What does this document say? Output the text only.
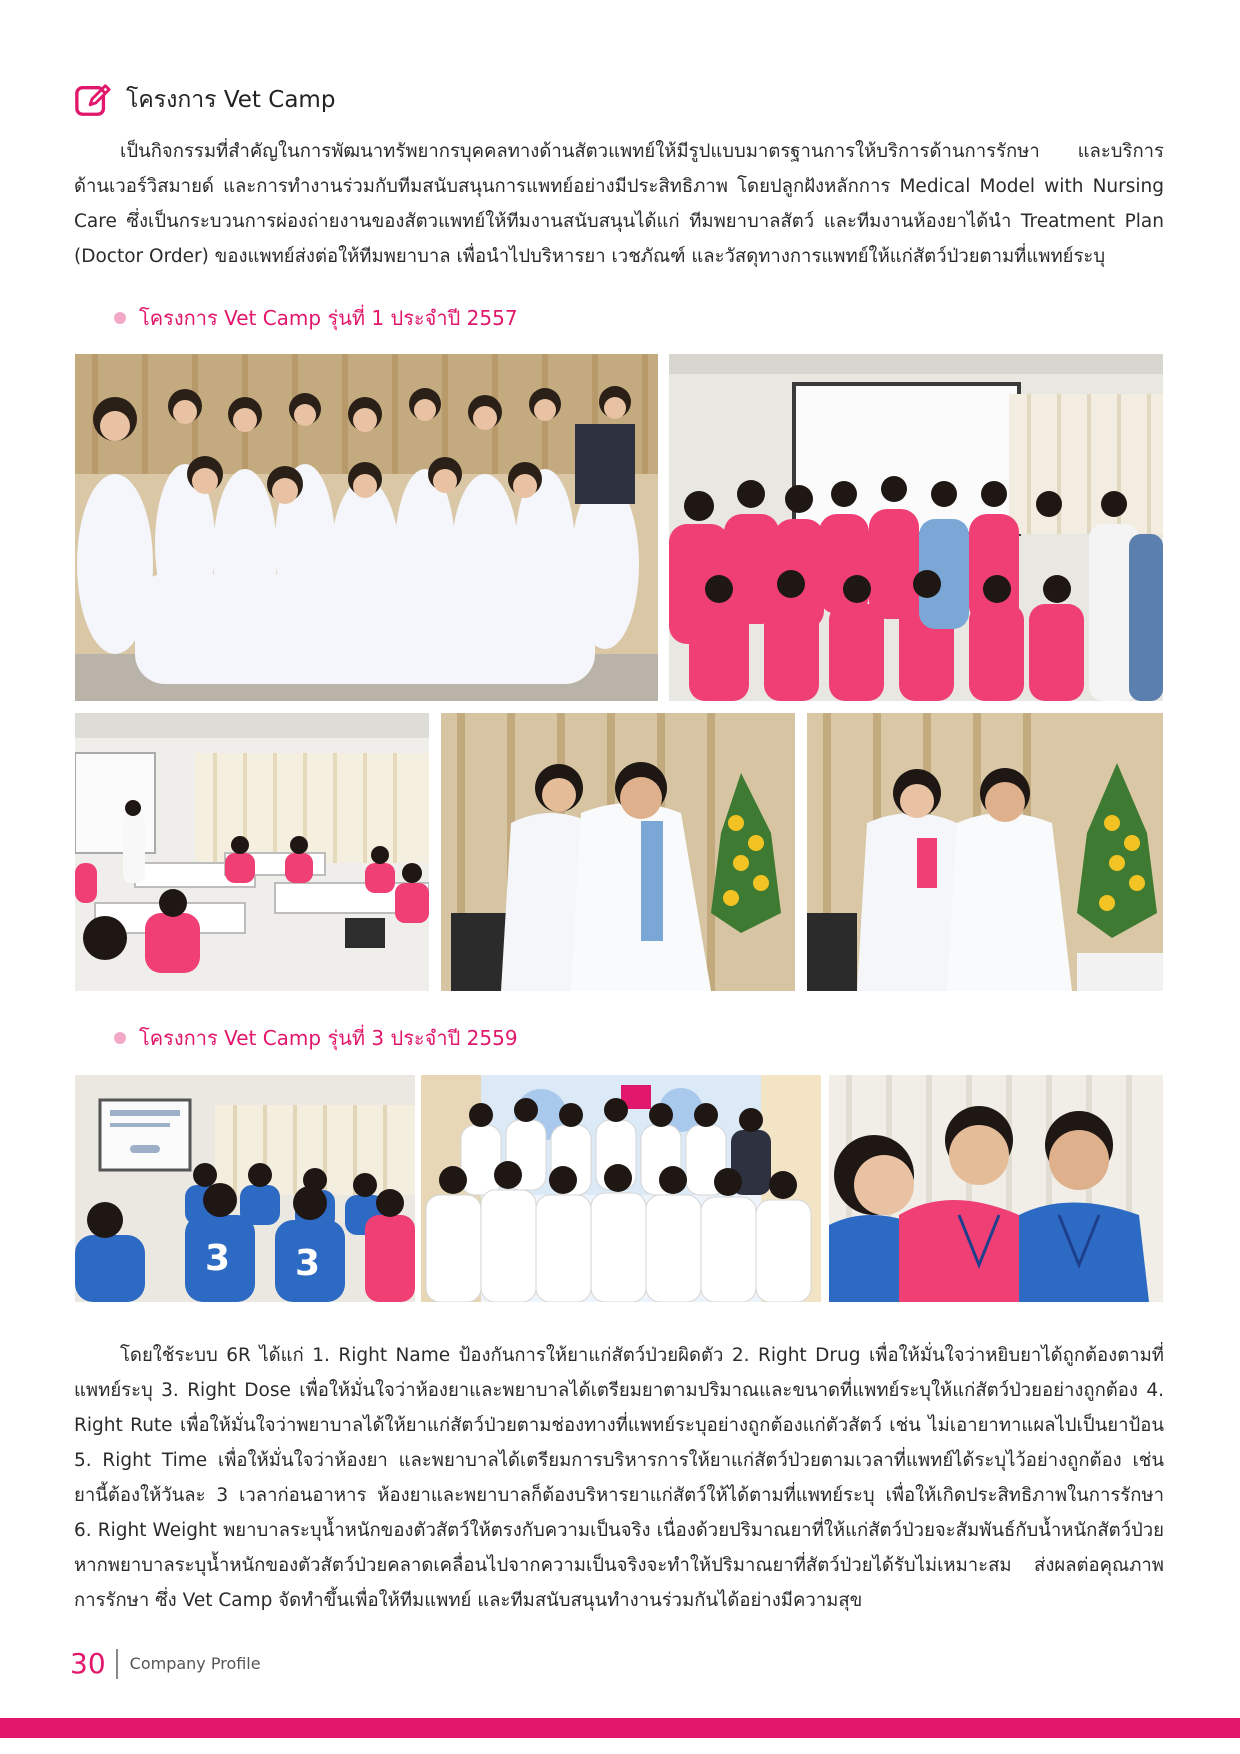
โครงการ Vet Camp

เป็นกิจกรรมที่สำคัญในการพัฒนาทรัพยากรบุคคลทางด้านสัตวแพทย์ให้มีรูปแบบมาตรฐานการให้บริการด้านการรักษา และบริการด้านเวอร์วิสมายด์ และการทำงานร่วมกับทีมสนับสนุนการแพทย์อย่างมีประสิทธิภาพ โดยปลูกฝังหลักการ Medical Model with Nursing Care ซึ่งเป็นกระบวนการผ่องถ่ายงานของสัตวแพทย์ให้ทีมงานสนับสนุนได้แก่ ทีมพยาบาลสัตว์ และทีมงานห้องยาได้นำ Treatment Plan (Doctor Order) ของแพทย์ส่งต่อให้ทีมพยาบาล เพื่อนำไปบริหารยา เวชภัณฑ์ และวัสดุทางการแพทย์ให้แก่สัตว์ป่วยตามที่แพทย์ระบุ

โครงการ Vet Camp รุ่นที่ 1 ประจำปี 2557
โครงการ Vet Camp รุ่นที่ 3 ประจำปี 2559
3 3

โดยใช้ระบบ 6R ได้แก่ 1. Right Name ป้องกันการให้ยาแก่สัตว์ป่วยผิดตัว 2. Right Drug เพื่อให้มั่นใจว่าหยิบยาได้ถูกต้องตามที่แพทย์ระบุ 3. Right Dose เพื่อให้มั่นใจว่าห้องยาและพยาบาลได้เตรียมยาตามปริมาณและขนาดที่แพทย์ระบุให้แก่สัตว์ป่วยอย่างถูกต้อง 4. Right Rute เพื่อให้มั่นใจว่าพยาบาลได้ให้ยาแก่สัตว์ป่วยตามช่องทางที่แพทย์ระบุอย่างถูกต้องแก่ตัวสัตว์ เช่น ไม่เอายาทาแผลไปเป็นยาป้อน 5. Right Time เพื่อให้มั่นใจว่าห้องยา และพยาบาลได้เตรียมการบริหารการให้ยาแก่สัตว์ป่วยตามเวลาที่แพทย์ได้ระบุไว้อย่างถูกต้อง เช่น ยานี้ต้องให้วันละ 3 เวลาก่อนอาหาร ห้องยาและพยาบาลก็ต้องบริหารยาแก่สัตว์ให้ได้ตามที่แพทย์ระบุ เพื่อให้เกิดประสิทธิภาพในการรักษา 6. Right Weight พยาบาลระบุน้ำหนักของตัวสัตว์ให้ตรงกับความเป็นจริง เนื่องด้วยปริมาณยาที่ให้แก่สัตว์ป่วยจะสัมพันธ์กับน้ำหนักสัตว์ป่วย หากพยาบาลระบุน้ำหนักของตัวสัตว์ป่วยคลาดเคลื่อนไปจากความเป็นจริงจะทำให้ปริมาณยาที่สัตว์ป่วยได้รับไม่เหมาะสม ส่งผลต่อคุณภาพการรักษา ซึ่ง Vet Camp จัดทำขึ้นเพื่อให้ทีมแพทย์ และทีมสนับสนุนทำงานร่วมกันได้อย่างมีความสุข

30 Company Profile
